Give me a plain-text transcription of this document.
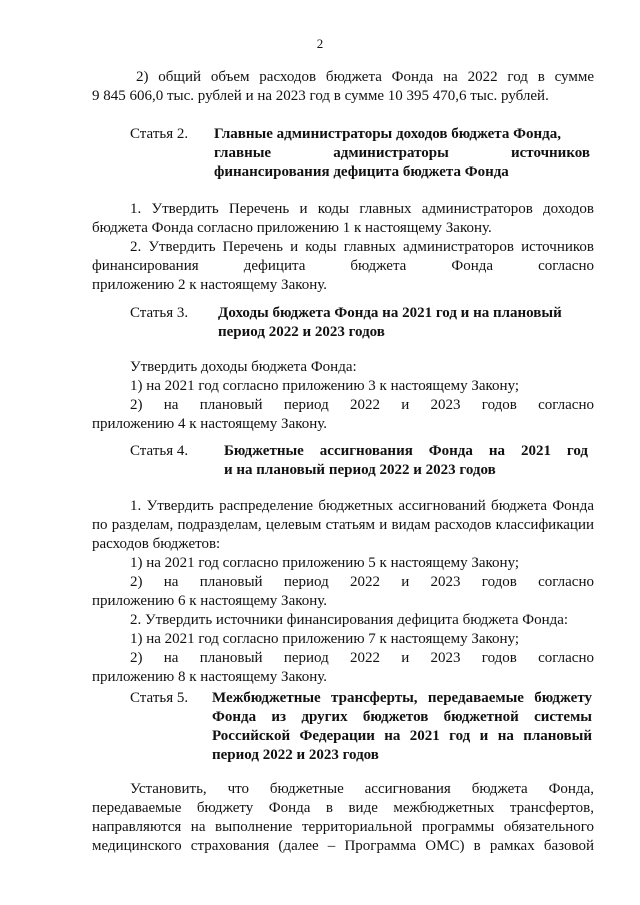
2
2) общий объем расходов бюджета Фонда на 2022 год в сумме
9 845 606,0 тыс. рублей и на 2023 год в сумме 10 395 470,6 тыс. рублей.
Статья 2. Главные администраторы доходов бюджета Фонда,
главные администраторы источников
финансирования дефицита бюджета Фонда
1. Утвердить Перечень и коды главных администраторов доходов
бюджета Фонда согласно приложению 1 к настоящему Закону.
2. Утвердить Перечень и коды главных администраторов источников
финансирования дефицита бюджета Фонда согласно
приложению 2 к настоящему Закону.
Статья 3. Доходы бюджета Фонда на 2021 год и на плановый
период 2022 и 2023 годов
Утвердить доходы бюджета Фонда:
1) на 2021 год согласно приложению 3 к настоящему Закону;
2) на плановый период 2022 и 2023 годов согласно
приложению 4 к настоящему Закону.
Статья 4. Бюджетные ассигнования Фонда на 2021 год
и на плановый период 2022 и 2023 годов
1. Утвердить распределение бюджетных ассигнований бюджета Фонда
по разделам, подразделам, целевым статьям и видам расходов классификации
расходов бюджетов:
1) на 2021 год согласно приложению 5 к настоящему Закону;
2) на плановый период 2022 и 2023 годов согласно
приложению 6 к настоящему Закону.
2. Утвердить источники финансирования дефицита бюджета Фонда:
1) на 2021 год согласно приложению 7 к настоящему Закону;
2) на плановый период 2022 и 2023 годов согласно
приложению 8 к настоящему Закону.
Статья 5. Межбюджетные трансферты, передаваемые бюджету
Фонда из других бюджетов бюджетной системы
Российской Федерации на 2021 год и на плановый
период 2022 и 2023 годов
Установить, что бюджетные ассигнования бюджета Фонда,
передаваемые бюджету Фонда в виде межбюджетных трансфертов,
направляются на выполнение территориальной программы обязательного
медицинского страхования (далее – Программа ОМС) в рамках базовой
